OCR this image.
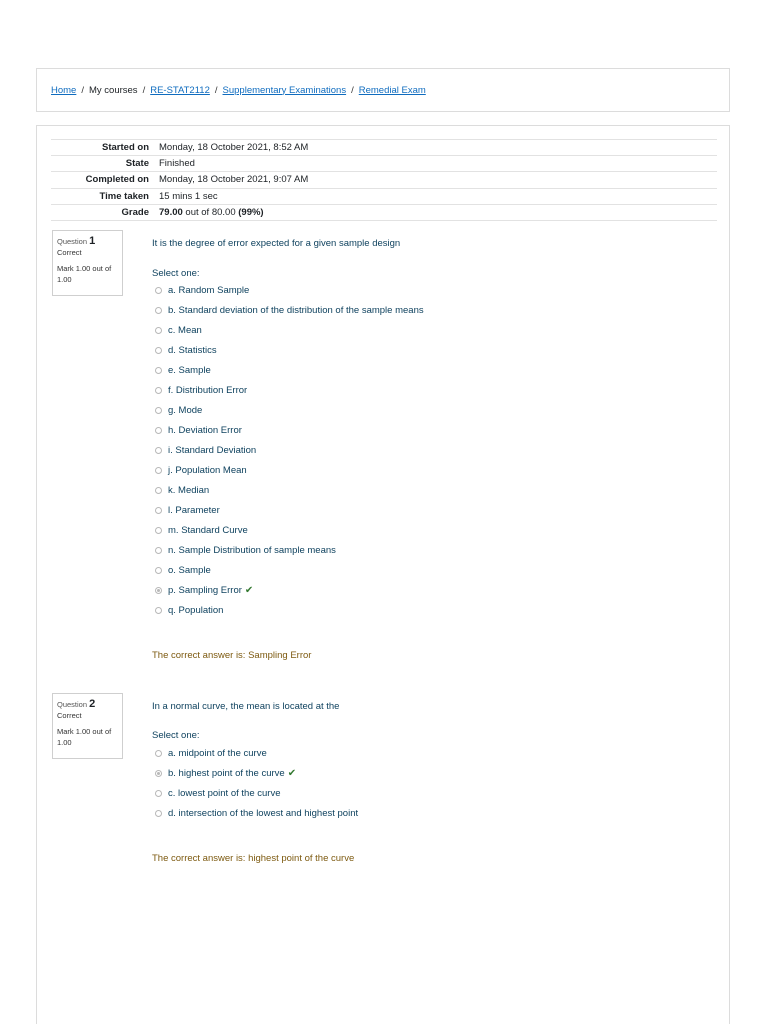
Home / My courses / RE-STAT2112 / Supplementary Examinations / Remedial Exam
Started on	Monday, 18 October 2021, 8:52 AM
State	Finished
Completed on	Monday, 18 October 2021, 9:07 AM
Time taken	15 mins 1 sec
Grade	79.00 out of 80.00 (99%)
Question 1
Correct
Mark 1.00 out of 1.00
It is the degree of error expected for a given sample design
Select one:
a. Random Sample
b. Standard deviation of the distribution of the sample means
c. Mean
d. Statistics
e. Sample
f. Distribution Error
g. Mode
h. Deviation Error
i. Standard Deviation
j. Population Mean
k. Median
l. Parameter
m. Standard Curve
n. Sample Distribution of sample means
o. Sample
p. Sampling Error ✔
q. Population
The correct answer is: Sampling Error
Question 2
Correct
Mark 1.00 out of 1.00
In a normal curve, the mean is located at the
Select one:
a. midpoint of the curve
b. highest point of the curve ✔
c. lowest point of the curve
d. intersection of the lowest and highest point
The correct answer is: highest point of the curve
